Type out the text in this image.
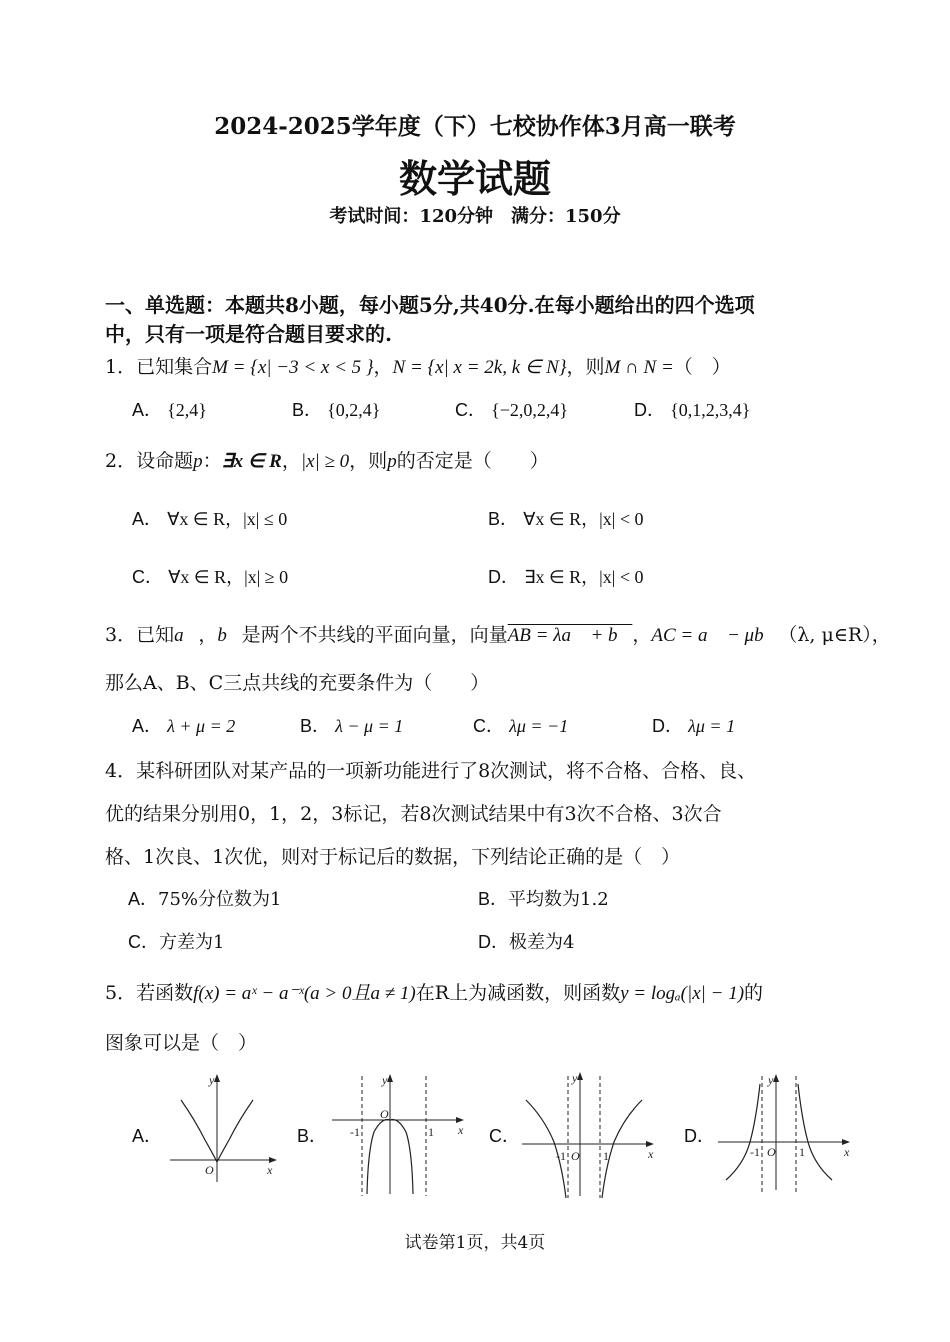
2024-2025学年度（下）七校协作体3月高一联考
数学试题
考试时间：120分钟　满分：150分
一、单选题：本题共8小题，每小题5分,共40分.在每小题给出的四个选项
中，只有一项是符合题目要求的.
1．已知集合M = {x| −3 < x < 5 }，N = {x| x = 2k, k ∈ N}，则M ∩ N =（　）
A． {2,4}	B． {0,2,4}	C． {−2,0,2,4}	D． {0,1,2,3,4}
2．设命题p：∃x ∈ R，|x| ≥ 0，则p的否定是（　　）
A． ∀x ∈ R，|x| ≤ 0	B． ∀x ∈ R，|x| < 0
C． ∀x ∈ R，|x| ≥ 0	D． ∃x ∈ R，|x| < 0
3．已知a⃗，b⃗是两个不共线的平面向量，向量AB = λa⃗ + b⃗，AC = a⃗ − μb⃗（λ, μ∈R），
那么A、B、C三点共线的充要条件为（　　）
A． λ + μ = 2	B． λ − μ = 1	C． λμ = −1	D． λμ = 1
4．某科研团队对某产品的一项新功能进行了8次测试，将不合格、合格、良、
优的结果分别用0，1，2，3标记，若8次测试结果中有3次不合格、3次合
格、1次良、1次优，则对于标记后的数据，下列结论正确的是（　）
A．75%分位数为1	B．平均数为1.2
C．方差为1	D．极差为4
5．若函数f(x) = aˣ − a⁻ˣ(a > 0且a ≠ 1)在R上为减函数，则函数y = logₐ(|x| − 1)的
图象可以是（　）
A．	B．	C．	D．
y
x
O
y
x
O
-1	1
y
x
O
-1	1
y
x
O
-1	1
试卷第1页，共4页
